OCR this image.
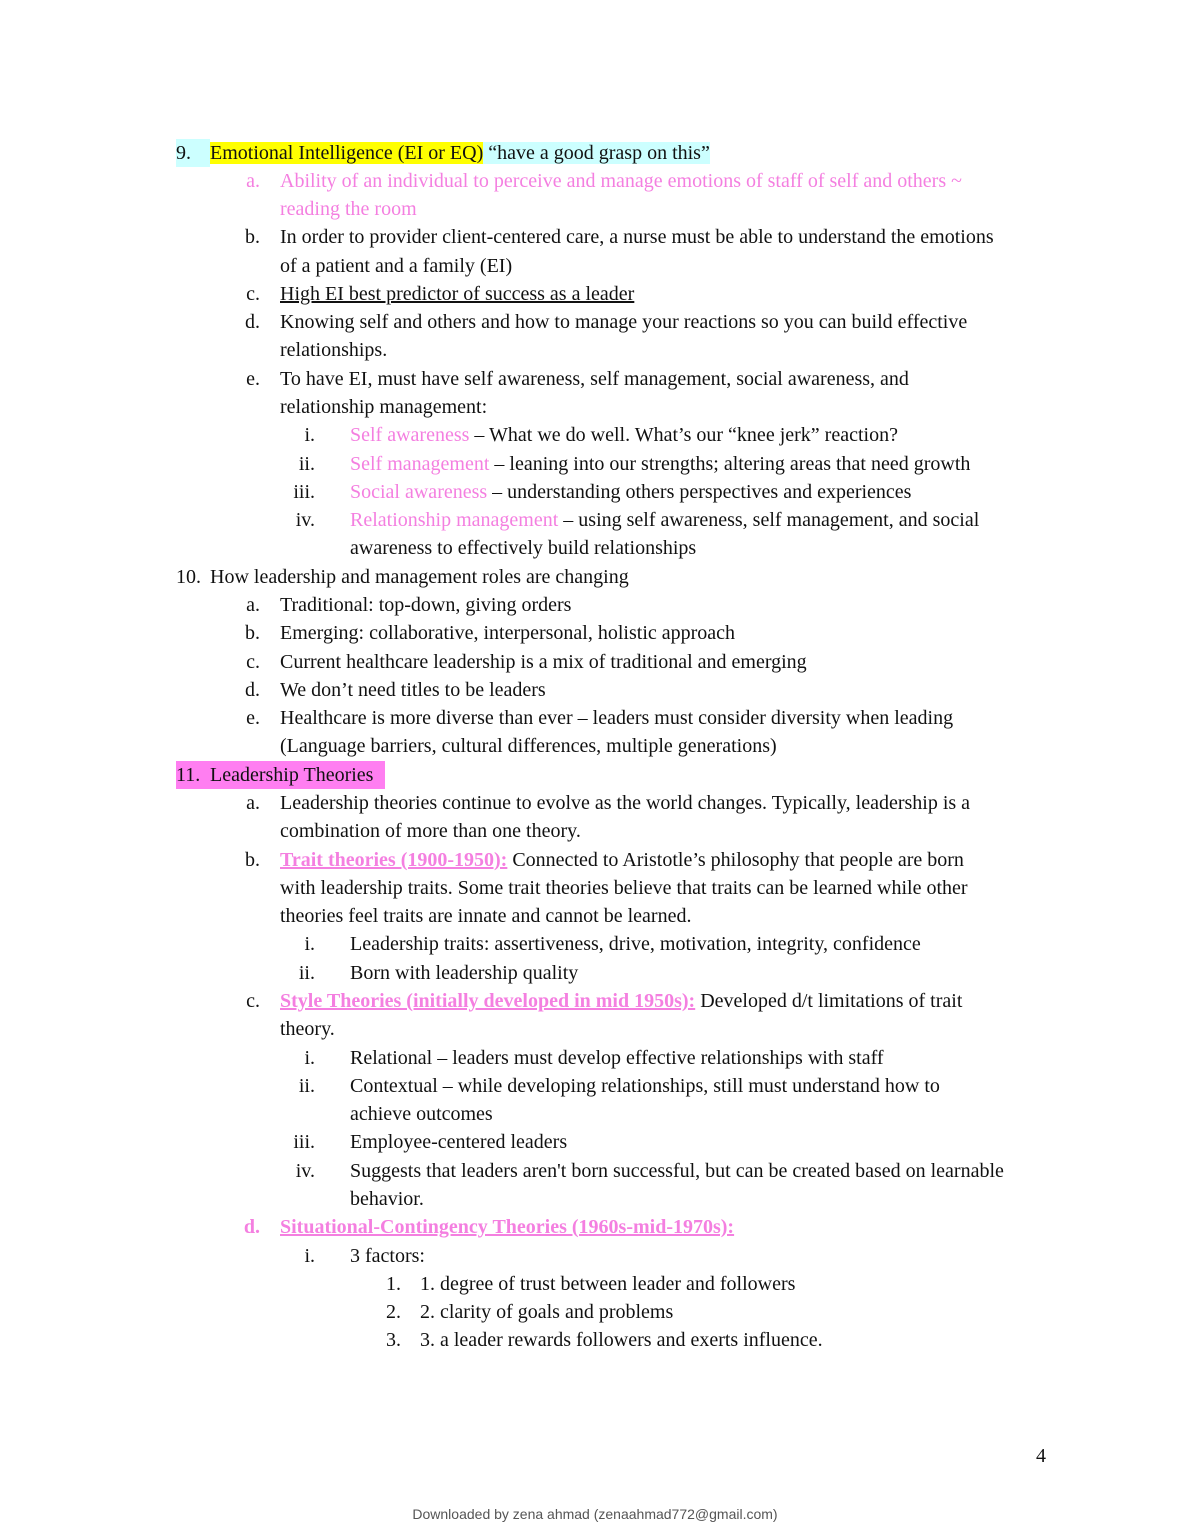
9. Emotional Intelligence (EI or EQ) “have a good grasp on this”
a. Ability of an individual to perceive and manage emotions of staff of self and others ~
reading the room
b. In order to provider client-centered care, a nurse must be able to understand the emotions
of a patient and a family (EI)
c. High EI best predictor of success as a leader
d. Knowing self and others and how to manage your reactions so you can build effective
relationships.
e. To have EI, must have self awareness, self management, social awareness, and
relationship management:
i. Self awareness – What we do well. What’s our “knee jerk” reaction?
ii. Self management – leaning into our strengths; altering areas that need growth
iii. Social awareness – understanding others perspectives and experiences
iv. Relationship management – using self awareness, self management, and social
awareness to effectively build relationships
10. How leadership and management roles are changing
a. Traditional: top-down, giving orders
b. Emerging: collaborative, interpersonal, holistic approach
c. Current healthcare leadership is a mix of traditional and emerging
d. We don’t need titles to be leaders
e. Healthcare is more diverse than ever – leaders must consider diversity when leading
(Language barriers, cultural differences, multiple generations)
11. Leadership Theories
a. Leadership theories continue to evolve as the world changes. Typically, leadership is a
combination of more than one theory.
b. Trait theories (1900-1950): Connected to Aristotle’s philosophy that people are born
with leadership traits. Some trait theories believe that traits can be learned while other
theories feel traits are innate and cannot be learned.
i. Leadership traits: assertiveness, drive, motivation, integrity, confidence
ii. Born with leadership quality
c. Style Theories (initially developed in mid 1950s): Developed d/t limitations of trait
theory.
i. Relational – leaders must develop effective relationships with staff
ii. Contextual – while developing relationships, still must understand how to
achieve outcomes
iii. Employee-centered leaders
iv. Suggests that leaders aren't born successful, but can be created based on learnable
behavior.
d. Situational-Contingency Theories (1960s-mid-1970s):
i. 3 factors:
1. 1. degree of trust between leader and followers
2. 2. clarity of goals and problems
3. 3. a leader rewards followers and exerts influence.
4
Downloaded by zena ahmad (zenaahmad772@gmail.com)
